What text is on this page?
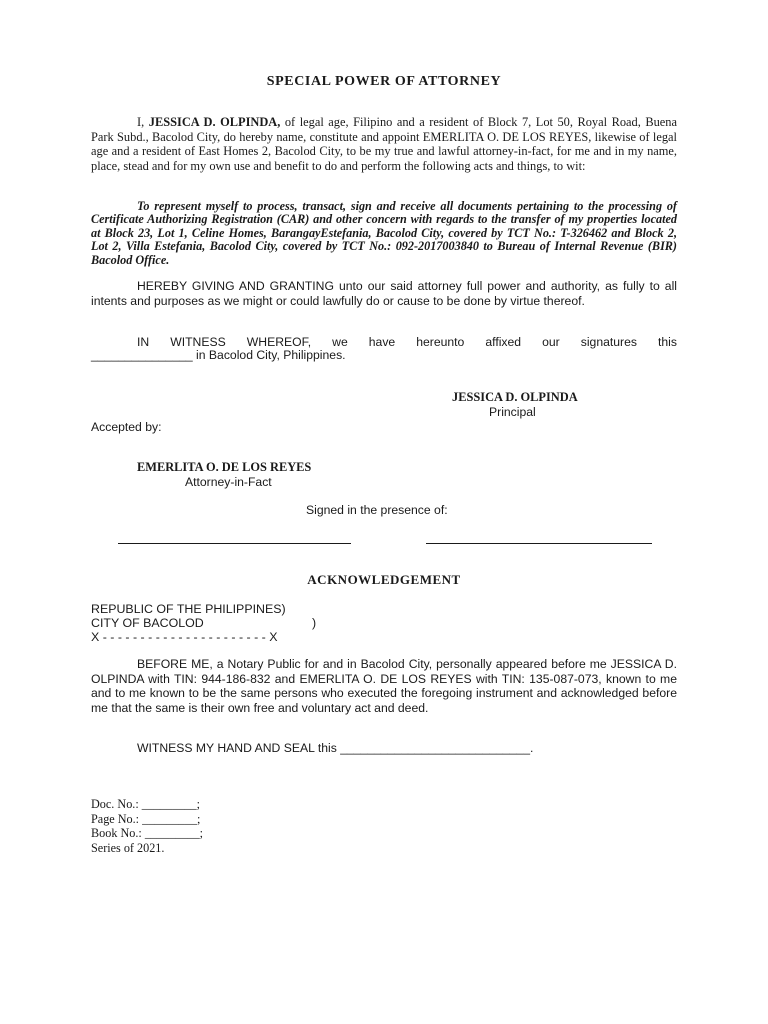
SPECIAL POWER OF ATTORNEY
I, JESSICA D. OLPINDA, of legal age, Filipino and a resident of Block 7, Lot 50, Royal Road, Buena Park Subd., Bacolod City, do hereby name, constitute and appoint EMERLITA O. DE LOS REYES, likewise of legal age and a resident of East Homes 2, Bacolod City, to be my true and lawful attorney-in-fact, for me and in my name, place, stead and for my own use and benefit to do and perform the following acts and things, to wit:
To represent myself to process, transact, sign and receive all documents pertaining to the processing of Certificate Authorizing Registration (CAR) and other concern with regards to the transfer of my properties located at Block 23, Lot 1, Celine Homes, BarangayEstefania, Bacolod City, covered by TCT No.: T-326462 and Block 2, Lot 2, Villa Estefania, Bacolod City, covered by TCT No.: 092-2017003840 to Bureau of Internal Revenue (BIR) Bacolod Office.
HEREBY GIVING AND GRANTING unto our said attorney full power and authority, as fully to all intents and purposes as we might or could lawfully do or cause to be done by virtue thereof.
IN WITNESS WHEREOF, we have hereunto affixed our signatures this
_______________ in Bacolod City, Philippines.
JESSICA D. OLPINDA
Principal
Accepted by:
EMERLITA O. DE LOS REYES
Attorney-in-Fact
Signed in the presence of:
ACKNOWLEDGEMENT
REPUBLIC OF THE PHILIPPINES)
CITY OF BACOLOD	)
X - - - - - - - - - - - - - - - - - - - - - - X
BEFORE ME, a Notary Public for and in Bacolod City, personally appeared before me JESSICA D. OLPINDA with TIN: 944-186-832 and EMERLITA O. DE LOS REYES with TIN: 135-087-073, known to me and to me known to be the same persons who executed the foregoing instrument and acknowledged before me that the same is their own free and voluntary act and deed.
WITNESS MY HAND AND SEAL this ____________________________.
Doc. No.: _________;
Page No.: _________;
Book No.: _________;
Series of 2021.
